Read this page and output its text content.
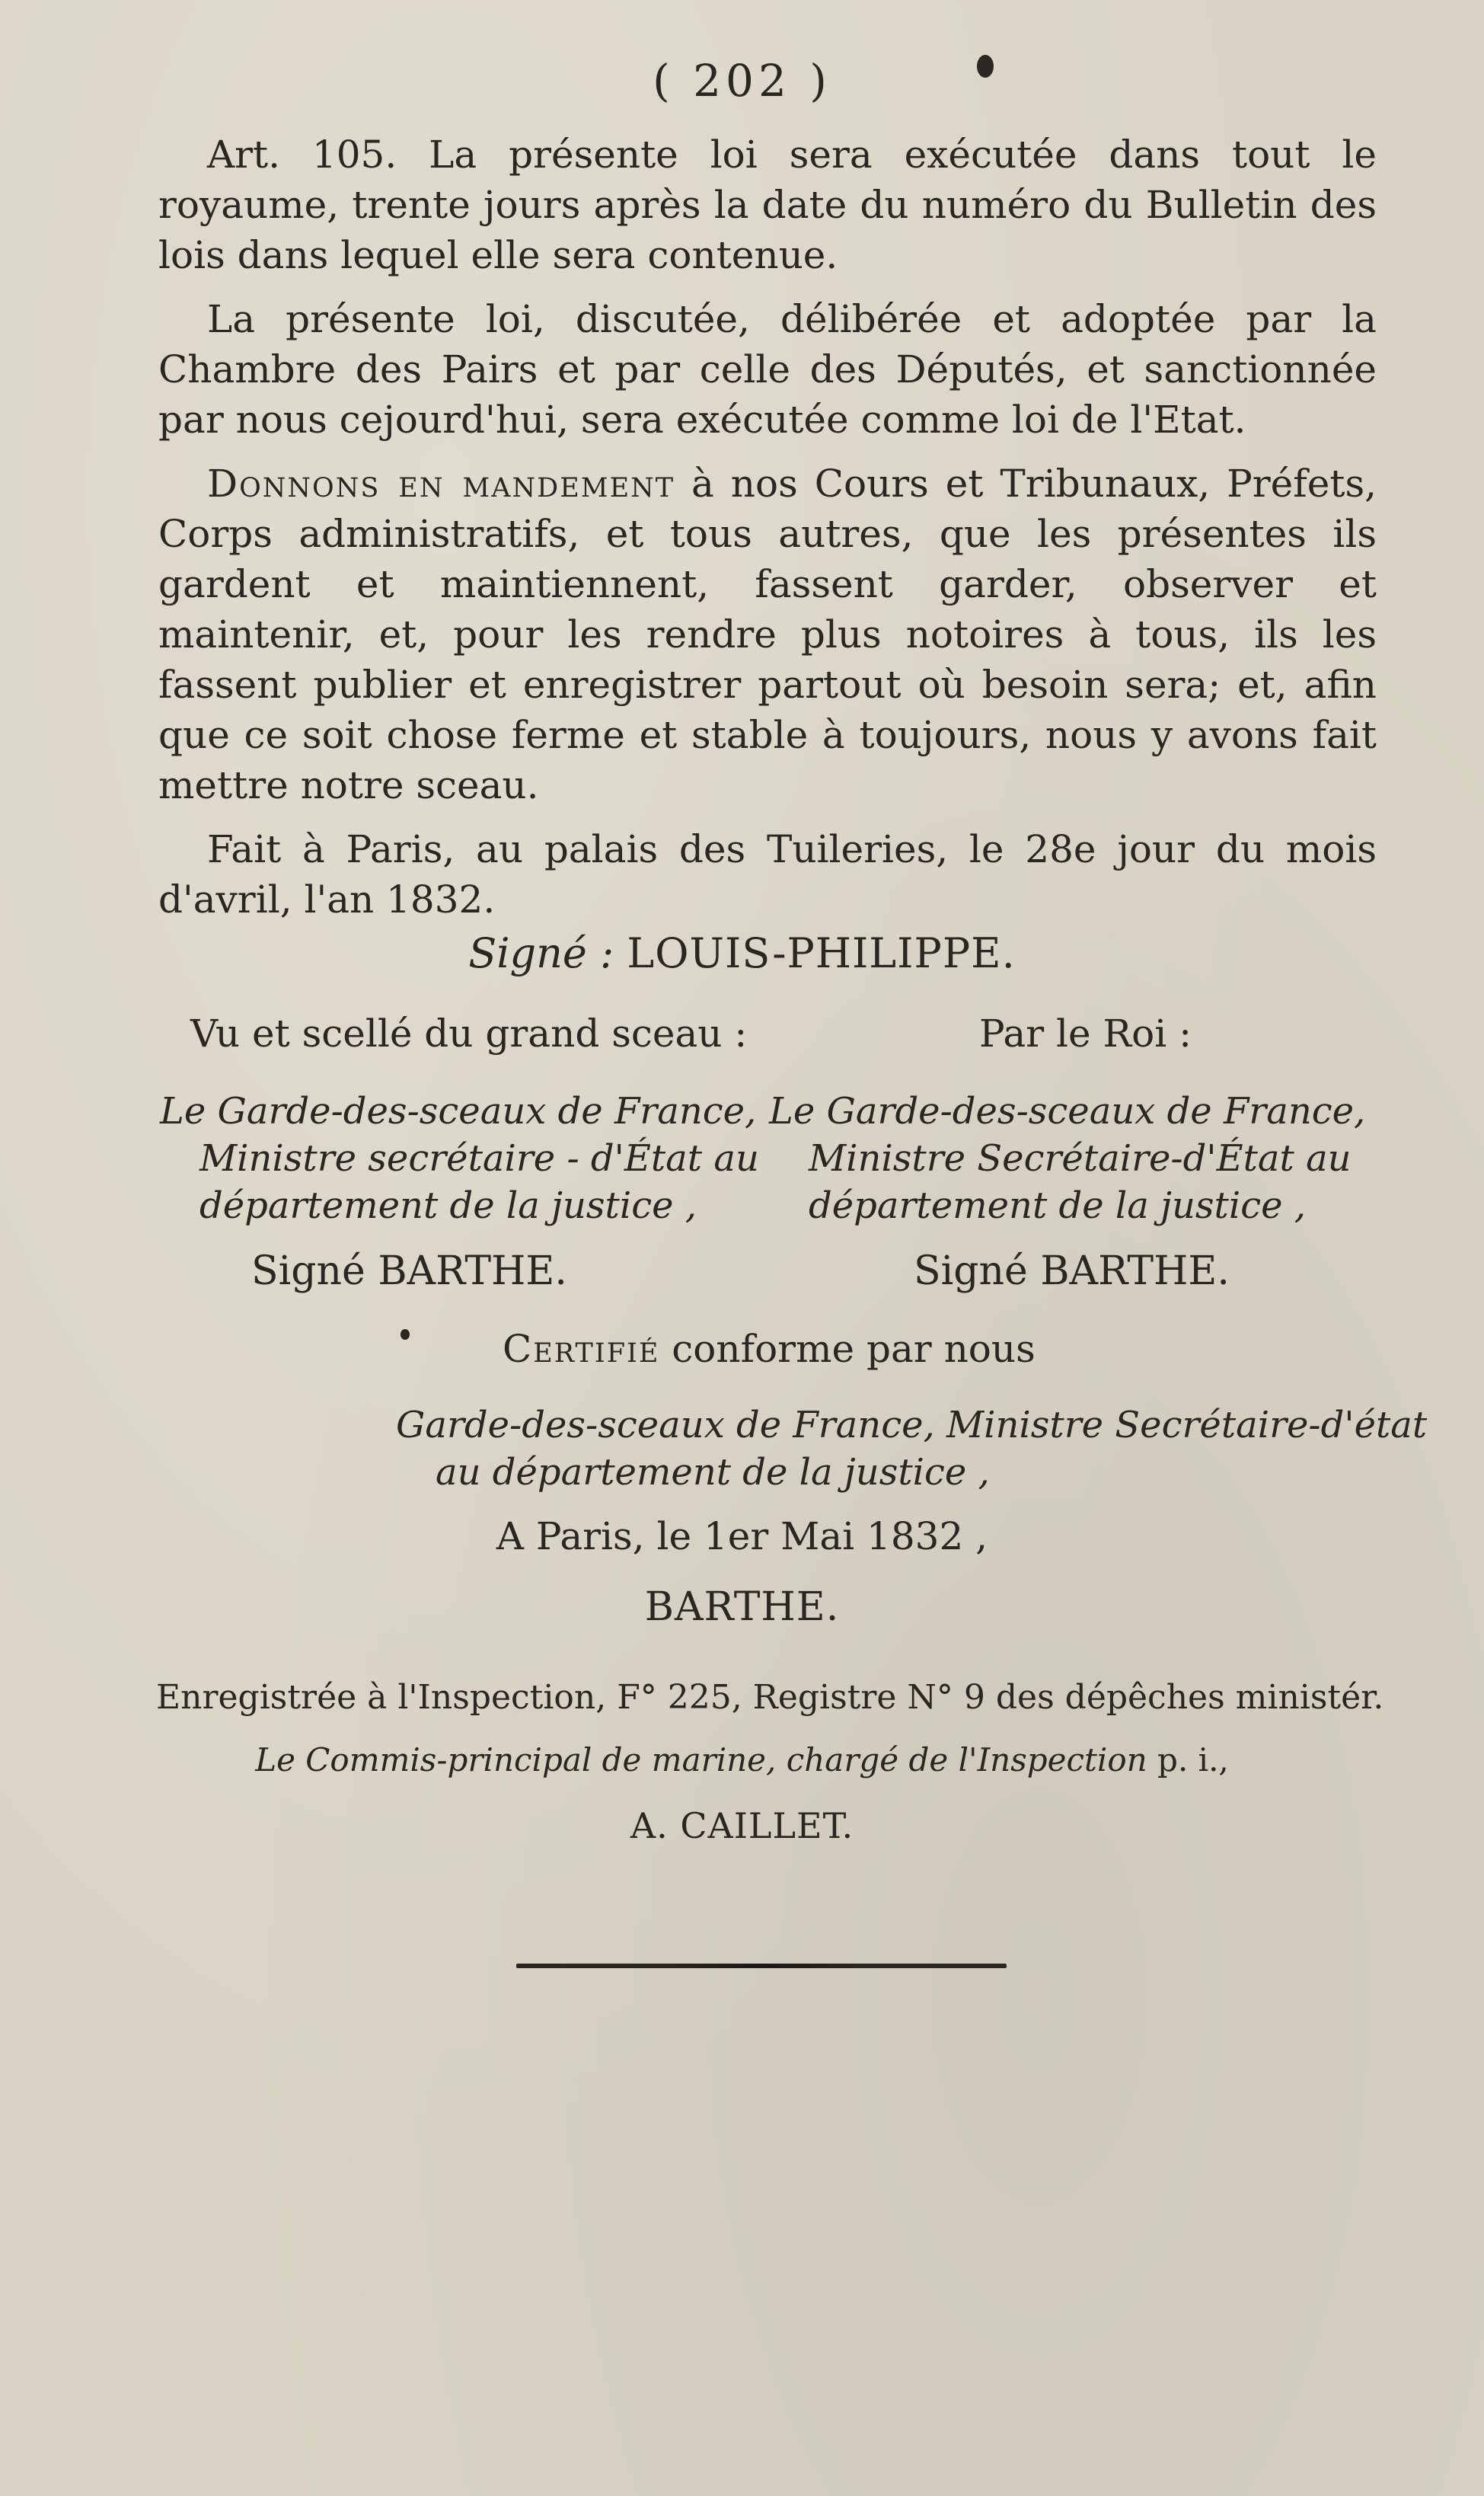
( 202 )

Art. 105. La présente loi sera exécutée dans tout le royaume, trente jours après la date du numéro du Bulletin des lois dans lequel elle sera contenue.

La présente loi, discutée, délibérée et adoptée par la Chambre des Pairs et par celle des Députés, et sanctionnée par nous cejourd'hui, sera exécutée comme loi de l'Etat.

Donnons en mandement à nos Cours et Tribunaux, Préfets, Corps administratifs, et tous autres, que les présentes ils gardent et maintiennent, fassent garder, observer et maintenir, et, pour les rendre plus notoires à tous, ils les fassent publier et enregistrer partout où besoin sera; et, afin que ce soit chose ferme et stable à toujours, nous y avons fait mettre notre sceau.

Fait à Paris, au palais des Tuileries, le 28e jour du mois d'avril, l'an 1832.

Signé : LOUIS-PHILIPPE.
Vu et scellé du grand sceau :	Par le Roi :
Le Garde-des-sceaux de France,
Ministre secrétaire - d'État au
département de la justice ,
Le Garde-des-sceaux de France,
Ministre Secrétaire-d'État au
département de la justice ,
Signé BARTHE.	Signé BARTHE.
Certifié conforme par nous
Garde-des-sceaux de France, Ministre Secrétaire-d'état
au département de la justice ,
A Paris, le 1er Mai 1832 ,
BARTHE.
Enregistrée à l'Inspection, F° 225, Registre N° 9 des dépêches ministér.
Le Commis-principal de marine, chargé de l'Inspection p. i.,
A. CAILLET.
